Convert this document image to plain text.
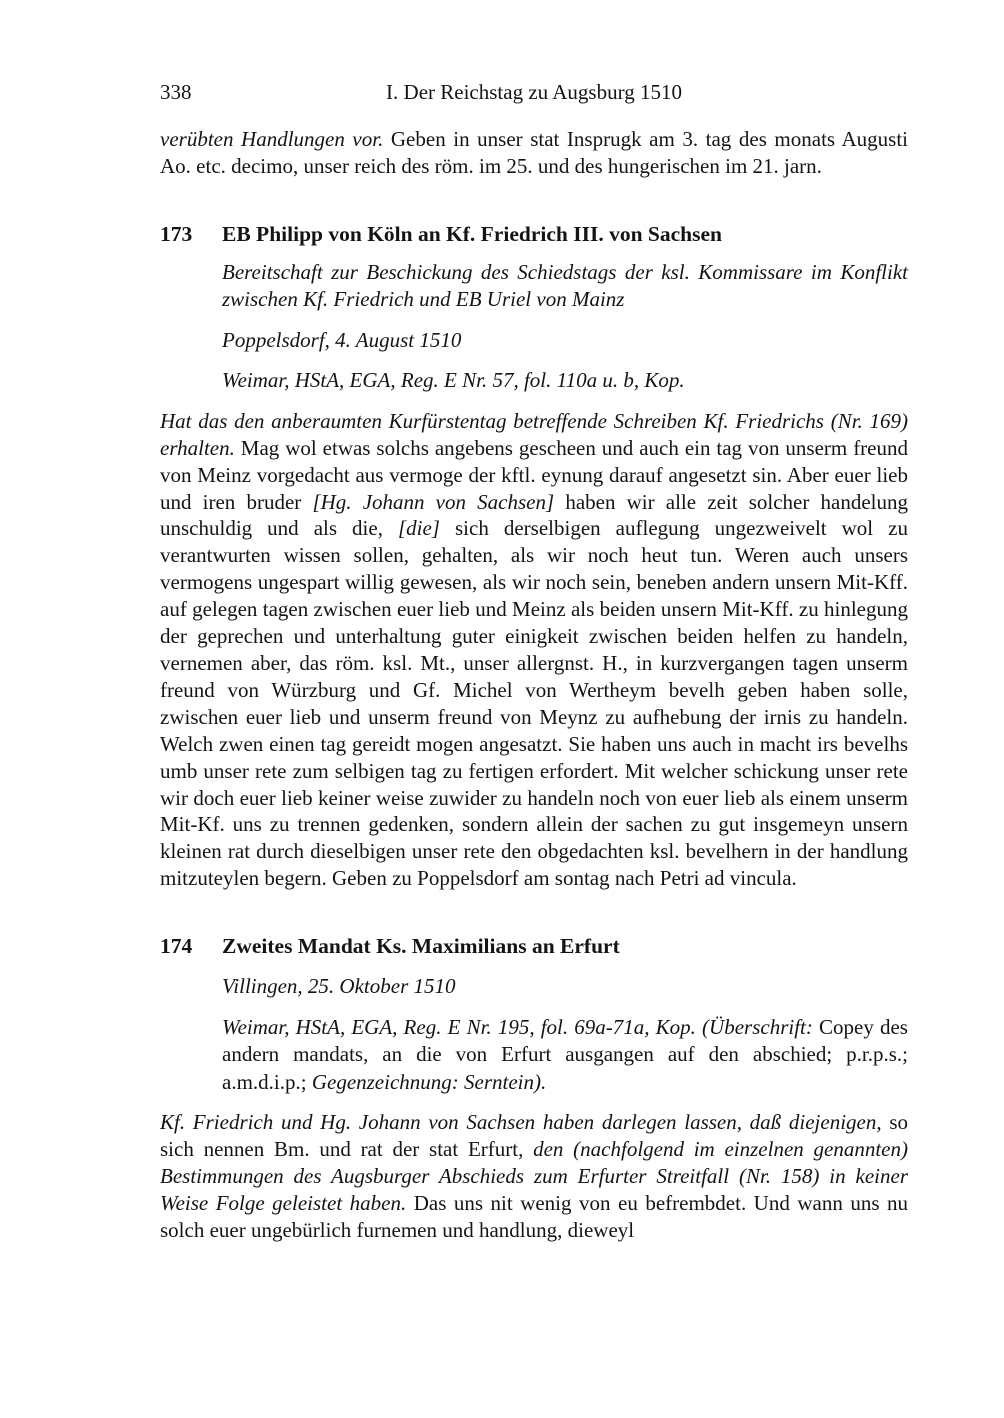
338	I. Der Reichstag zu Augsburg 1510

verübten Handlungen vor. Geben in unser stat Insprugk am 3. tag des monats Augusti Ao. etc. decimo, unser reich des röm. im 25. und des hungerischen im 21. jarn.

173	EB Philipp von Köln an Kf. Friedrich III. von Sachsen

Bereitschaft zur Beschickung des Schiedstags der ksl. Kommissare im Konflikt zwischen Kf. Friedrich und EB Uriel von Mainz

Poppelsdorf, 4. August 1510

Weimar, HStA, EGA, Reg. E Nr. 57, fol. 110a u. b, Kop.

Hat das den anberaumten Kurfürstentag betreffende Schreiben Kf. Friedrichs (Nr. 169) erhalten. Mag wol etwas solchs angebens gescheen und auch ein tag von unserm freund von Meinz vorgedacht aus vermoge der kftl. eynung darauf angesetzt sin. Aber euer lieb und iren bruder [Hg. Johann von Sachsen] haben wir alle zeit solcher handelung unschuldig und als die, [die] sich derselbigen auflegung ungezweivelt wol zu verantwurten wissen sollen, gehalten, als wir noch heut tun. Weren auch unsers vermogens ungespart willig gewesen, als wir noch sein, beneben andern unsern Mit-Kff. auf gelegen tagen zwischen euer lieb und Meinz als beiden unsern Mit-Kff. zu hinlegung der geprechen und unterhaltung guter einigkeit zwischen beiden helfen zu handeln, vernemen aber, das röm. ksl. Mt., unser allergnst. H., in kurzvergangen tagen unserm freund von Würzburg und Gf. Michel von Wertheym bevelh geben haben solle, zwischen euer lieb und unserm freund von Meynz zu aufhebung der irnis zu handeln. Welch zwen einen tag gereidt mogen angesatzt. Sie haben uns auch in macht irs bevelhs umb unser rete zum selbigen tag zu fertigen erfordert. Mit welcher schickung unser rete wir doch euer lieb keiner weise zuwider zu handeln noch von euer lieb als einem unserm Mit-Kf. uns zu trennen gedenken, sondern allein der sachen zu gut insgemeyn unsern kleinen rat durch dieselbigen unser rete den obgedachten ksl. bevelhern in der handlung mitzuteylen begern. Geben zu Poppelsdorf am sontag nach Petri ad vincula.

174	Zweites Mandat Ks. Maximilians an Erfurt

Villingen, 25. Oktober 1510

Weimar, HStA, EGA, Reg. E Nr. 195, fol. 69a-71a, Kop. (Überschrift: Copey des andern mandats, an die von Erfurt ausgangen auf den abschied; p.r.p.s.; a.m.d.i.p.; Gegenzeichnung: Serntein).

Kf. Friedrich und Hg. Johann von Sachsen haben darlegen lassen, daß diejenigen, so sich nennen Bm. und rat der stat Erfurt, den (nachfolgend im einzelnen genannten) Bestimmungen des Augsburger Abschieds zum Erfurter Streitfall (Nr. 158) in keiner Weise Folge geleistet haben. Das uns nit wenig von eu befrembdet. Und wann uns nu solch euer ungebürlich furnemen und handlung, dieweyl
